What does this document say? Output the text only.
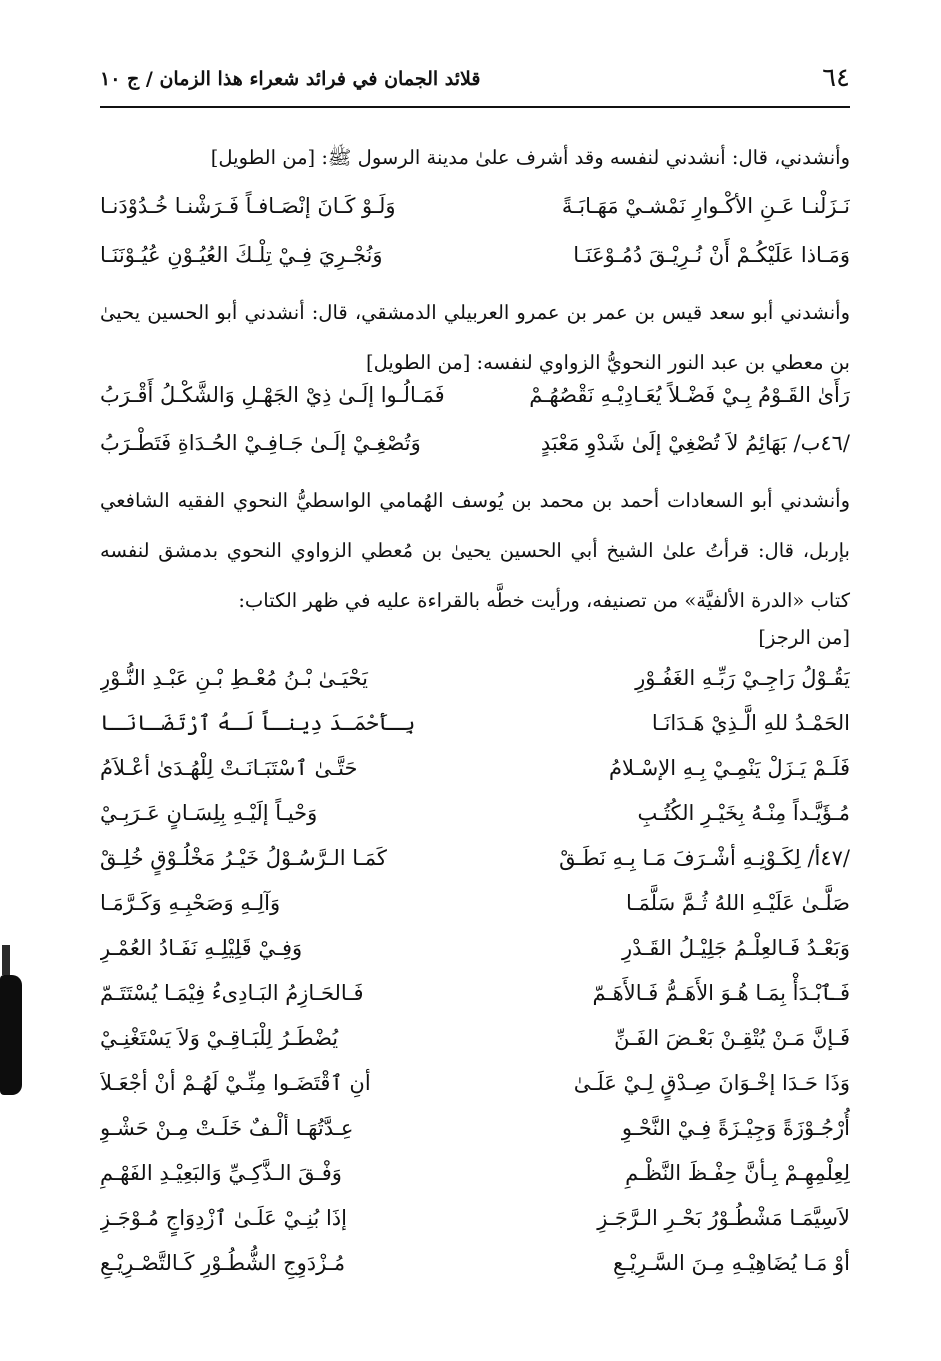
٦٤
قلائد الجمان في فرائد شعراء هذا الزمان / ج ١٠
وأنشدني، قال: أنشدني لنفسه وقد أشرف علىٰ مدينة الرسول ﷺ: [من الطويل]
نَـزَلْنـا عَـنِ الأكْـوارِ نَمْشـيْ مَهَـابَـةً
وَلَـوْ كَـانَ إنْصَـافـاً فَـرَشْنـا خُـدُوْدَنـا
وَمَـاذا عَلَيْكُـمْ أَنْ نُـرِيْـقَ دُمُـوْعَنَـا
وَنُجْـرِيَ فِـيْ تِلْـكَ العُيُـوْنِ عُيُـوْنَنَـا
وأنشدني أبو سعد قيس بن عمر بن عمرو العربيلي الدمشقي، قال: أنشدني أبو الحسين يحيىٰ بن معطي بن عبد النور النحويُّ الزواوي لنفسه: [من الطويل]
رَأَىٰ القَـوْمُ بِـيْ فَضْـلاً يُعَـادِيْـهِ نَقْصُهُـمْ
فَمَـالُـوا إلَـىٰ ذِيْ الجَهْـلِ وَالشَّكْـلُ أَقْـرَبُ
/٤٦ب/ بَهَائِمُ لاَ تُصْغِيْ إلَىٰ شَدْوِ مَعْبَدٍ
وَتُصْغِـيْ إلَـىٰ جَـافِـيْ الحُـدَاةِ فَتَطْـرَبُ
وأنشدني أبو السعادات أحمد بن محمد بن يُوسف الهُمامي الواسطيُّ النحوي الفقيه الشافعي بإربل، قال: قرأتُ علىٰ الشيخ أبي الحسين يحيىٰ بن مُعطي الزواوي النحوي بدمشق لنفسه كتاب «الدرة الألفيَّة» من تصنيفه، ورأيت خطَّه بالقراءة عليه في ظهر الكتاب:
[من الرجز]
يَقُـوْلُ رَاجِـيْ رَبِّـهِ الغَفُـوْرِ
يَحْيَـىٰ بْـنُ مُعْـطِ بْـنِ عَبْـدِ النُّـوْرِ
الحَمْـدُ للهِ الَّـذِيْ هَـدَانَـا
بِـأَحْمَـدَ دِينـاً لَـهُ ٱرْتَضَـانَـا
فَلَـمْ يَـزَلْ يَنْمِـيْ بِـهِ الإسْـلامُ
حَتَّـىٰ ٱسْتَبَـانَـتْ لِلْهُـدَىٰ أعْـلاَمُ
مُـؤَيَّـداً مِنْـهُ بِخَيْـرِ الكُتُـبِ
وَحْيـاً إلَيْـهِ بِلِسَـانٍ عَـرَبِـيْ
/٤٧أ/ لِكَـوْنِـهِ أشْـرَفَ مَـا بِـهِ نَطَـقْ
كَمَـا الـرَّسُـوْلُ خَيْـرُ مَخْلُـوْقٍ خُلِـقْ
صَلَّـىٰ عَلَيْـهِ اللهُ ثُـمَّ سَلَّمَـا
وَآلِـهِ وَصَحْبِـهِ وَكَـرَّمَـا
وَبَعْـدُ فَـالعِلْـمُ جَلِيْـلُ القَـدْرِ
وَفِـيْ قَلِيْلِـهِ نَفَـادُ العُمْـرِ
فَـٱبْـدَأْ بِمَـا هُـوَ الأَهَـمُّ فَـالأَهَـمّ
فَـالحَـازِمُ البَـادِىءُ فِيْمَـا يُسْتَتَـمّ
فَـإنَّ مَـنْ يُتْقِـنْ بَعْـضَ الفَـنِّ
يُضْطَـرُ لِلْبَـاقِـيْ وَلاَ يَسْتَغْنِـيْ
وَذَا حَـدَا إخْـوَانَ صِـدْقٍ لِـيْ عَلَـىٰ
أنِ ٱقْتَضَـوا مِنِّـيْ لَهُـمْ أنْ أجْعَـلاَ
أُرْجُـوْزَةً وَجِيْـزَةً فِـيْ النَّحْـوِ
عِـدَّتُهَـا ألْـفٌ خَلَـتْ مِـنْ حَشْـوِ
لِعِلْمِهِـمْ بِـأنَّ حِفْـظَ النَّظْـمِ
وَفْـقَ الـذَّكِـيِّ وَالبَعِيْـدِ الفَهْـمِ
لاَسِيَّمَـا مَشْطُـوْرُ بَحْـرِ الـرَّجَـزِ
إذَا بُنِـيْ عَلَـىٰ ٱزْدِوَاجٍ مُـوْجَـزِ
أوْ مَـا يُضَاهِيْـهِ مِـنَ السَّـرِيْـعِ
مُـزْدَوِجِ الشُّطُـوْرِ كَـالتَّصْـرِيْـعِ
